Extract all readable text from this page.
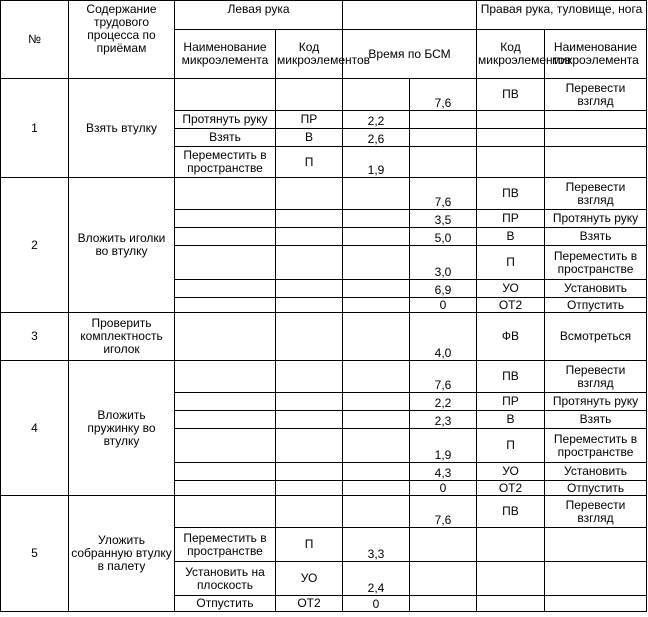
№	Содержание трудового процесса по приёмам	Левая рука				Правая рука, туловище, нога	
		Наименование микроэлемента	Код микроэлементов	Время по БСМ		Код микроэлементов	Наименование микроэлемента
1	Взять втулку				7,6	ПВ	Перевести взгляд
		Протянуть руку	ПР	2,2			
		Взять	В	2,6			
		Переместить в пространстве	П	1,9			
2	Вложить иголки во втулку				7,6	ПВ	Перевести взгляд
					3,5	ПР	Протянуть руку
					5,0	В	Взять
					3,0	П	Переместить в пространстве
					6,9	УО	Установить
					0	ОТ2	Отпустить
3	Проверить комплектность иголок				4,0	ФВ	Всмотреться
4	Вложить пружинку во втулку				7,6	ПВ	Перевести взгляд
					2,2	ПР	Протянуть руку
					2,3	В	Взять
					1,9	П	Переместить в пространстве
					4,3	УО	Установить
					0	ОТ2	Отпустить
5	Уложить собранную втулку в палету				7,6	ПВ	Перевести взгляд
		Переместить в пространстве	П	3,3			
		Установить на плоскость	УО	2,4			
		Отпустить	ОТ2	0			
